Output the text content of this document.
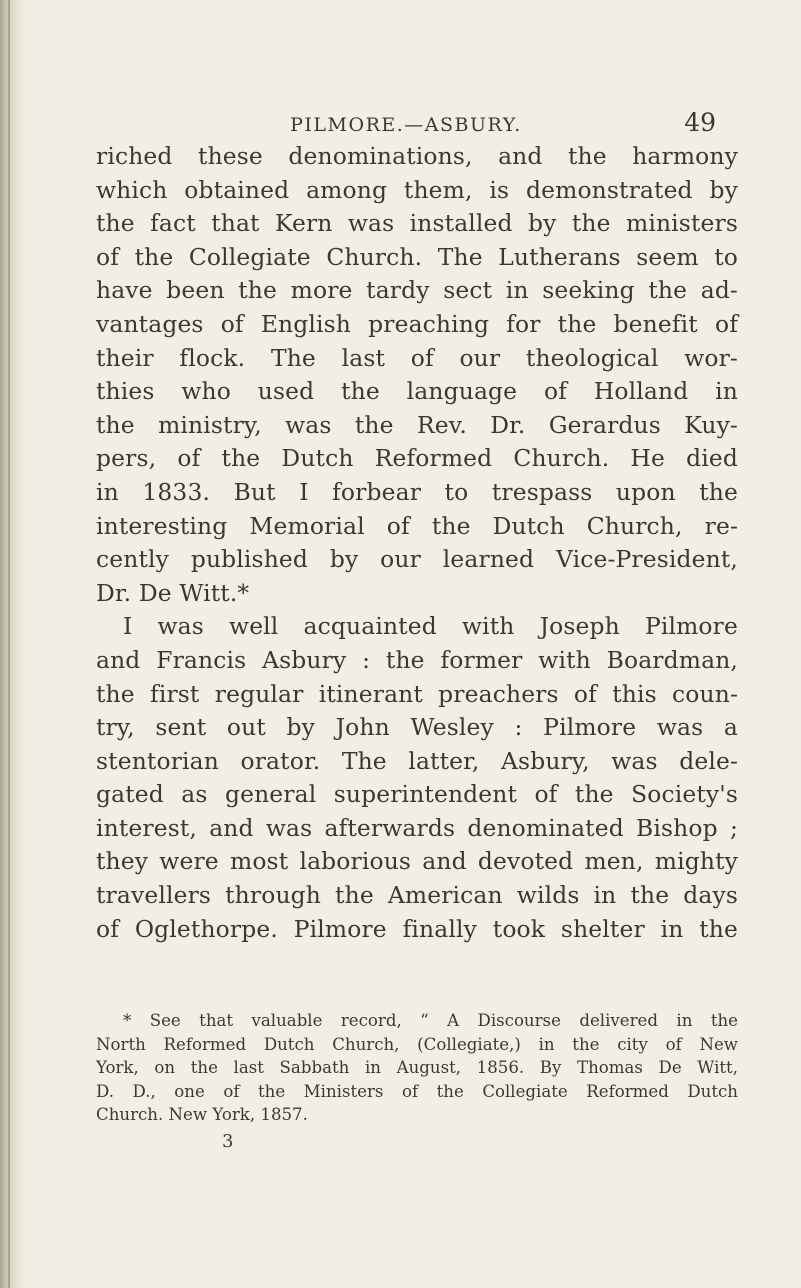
PILMORE.—ASBURY.	49
riched these denominations, and the harmony
which obtained among them, is demonstrated by
the fact that Kern was installed by the ministers
of the Collegiate Church. The Lutherans seem to
have been the more tardy sect in seeking the ad-
vantages of English preaching for the benefit of
their flock. The last of our theological wor-
thies who used the language of Holland in
the ministry, was the Rev. Dr. Gerardus Kuy-
pers, of the Dutch Reformed Church. He died
in 1833. But I forbear to trespass upon the
interesting Memorial of the Dutch Church, re-
cently published by our learned Vice-President,
Dr. De Witt.*
I was well acquainted with Joseph Pilmore
and Francis Asbury : the former with Boardman,
the first regular itinerant preachers of this coun-
try, sent out by John Wesley : Pilmore was a
stentorian orator. The latter, Asbury, was dele-
gated as general superintendent of the Society's
interest, and was afterwards denominated Bishop ;
they were most laborious and devoted men, mighty
travellers through the American wilds in the days
of Oglethorpe. Pilmore finally took shelter in the
* See that valuable record, “ A Discourse delivered in the
North Reformed Dutch Church, (Collegiate,) in the city of New
York, on the last Sabbath in August, 1856. By Thomas De Witt,
D. D., one of the Ministers of the Collegiate Reformed Dutch
Church. New York, 1857.
3
